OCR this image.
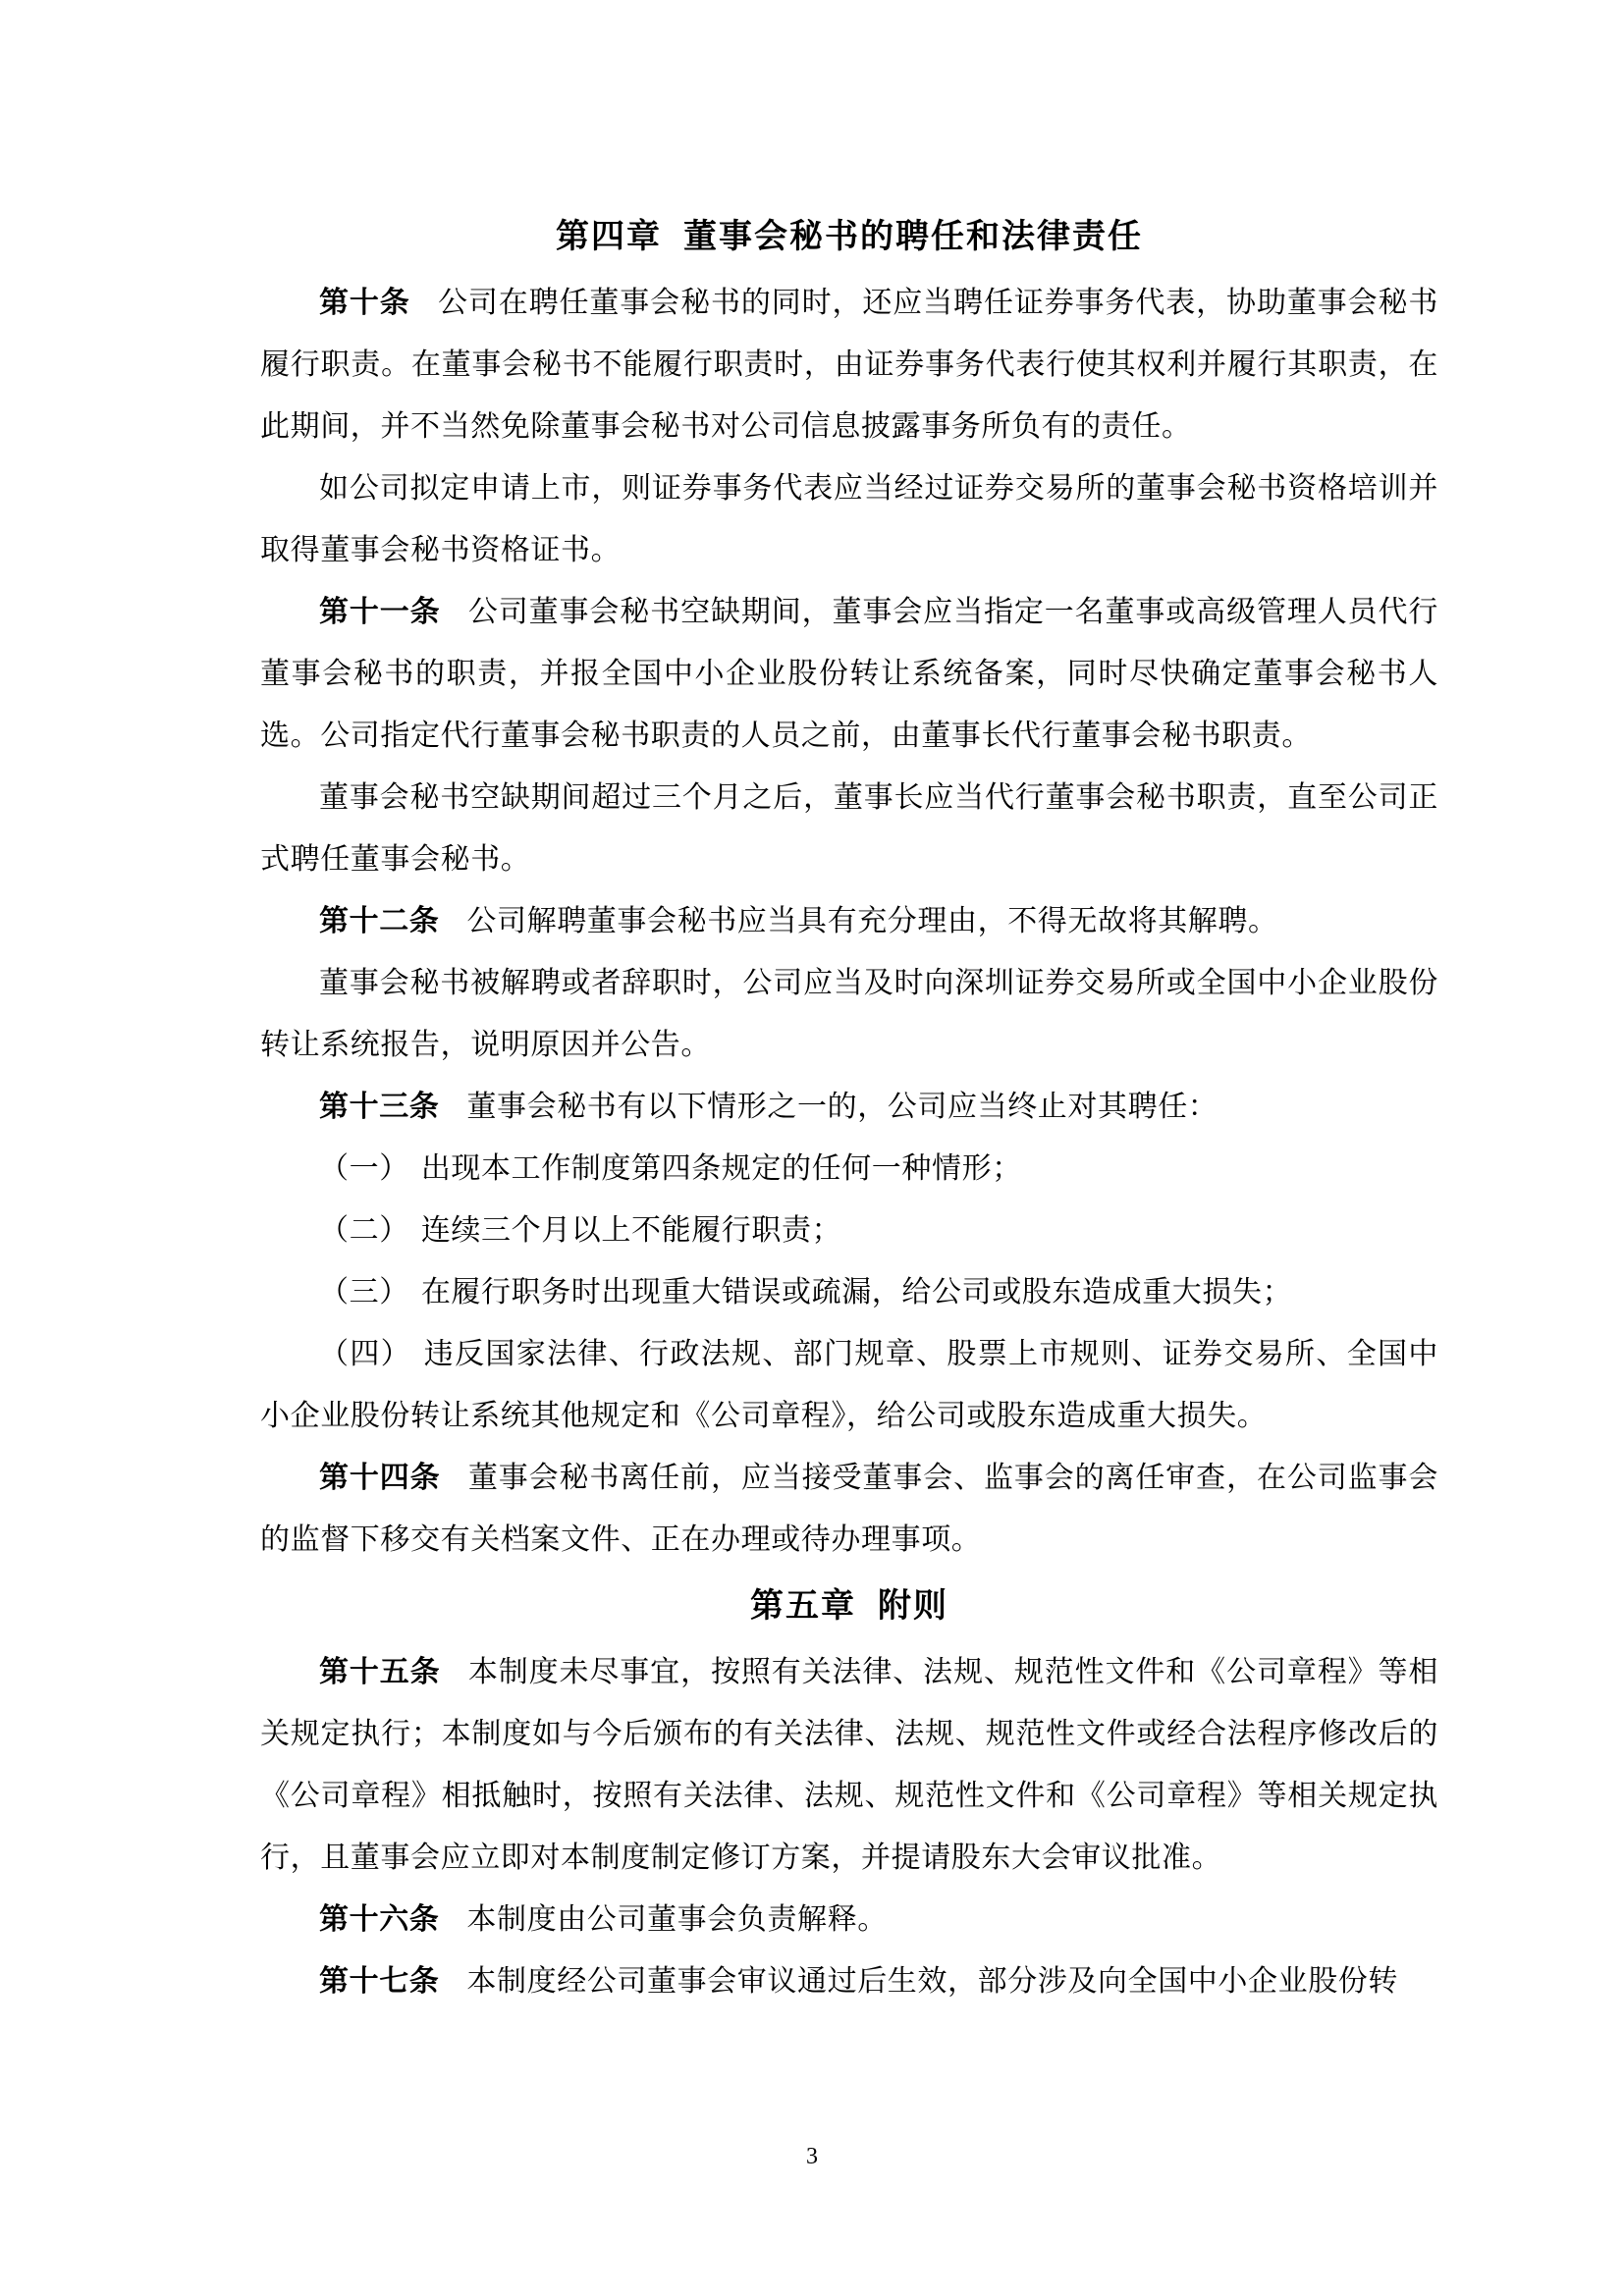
第四章 董事会秘书的聘任和法律责任

第十条 公司在聘任董事会秘书的同时，还应当聘任证券事务代表，协助董事会秘书履行职责。在董事会秘书不能履行职责时，由证券事务代表行使其权利并履行其职责，在此期间，并不当然免除董事会秘书对公司信息披露事务所负有的责任。

如公司拟定申请上市，则证券事务代表应当经过证券交易所的董事会秘书资格培训并取得董事会秘书资格证书。

第十一条 公司董事会秘书空缺期间，董事会应当指定一名董事或高级管理人员代行董事会秘书的职责，并报全国中小企业股份转让系统备案，同时尽快确定董事会秘书人选。公司指定代行董事会秘书职责的人员之前，由董事长代行董事会秘书职责。

董事会秘书空缺期间超过三个月之后，董事长应当代行董事会秘书职责，直至公司正式聘任董事会秘书。

第十二条 公司解聘董事会秘书应当具有充分理由，不得无故将其解聘。

董事会秘书被解聘或者辞职时，公司应当及时向深圳证券交易所或全国中小企业股份转让系统报告，说明原因并公告。

第十三条 董事会秘书有以下情形之一的，公司应当终止对其聘任：

（一） 出现本工作制度第四条规定的任何一种情形；

（二） 连续三个月以上不能履行职责；

（三） 在履行职务时出现重大错误或疏漏，给公司或股东造成重大损失；

（四） 违反国家法律、行政法规、部门规章、股票上市规则、证券交易所、全国中小企业股份转让系统其他规定和《公司章程》，给公司或股东造成重大损失。

第十四条 董事会秘书离任前，应当接受董事会、监事会的离任审查，在公司监事会的监督下移交有关档案文件、正在办理或待办理事项。

第五章 附则

第十五条 本制度未尽事宜，按照有关法律、法规、规范性文件和《公司章程》等相关规定执行；本制度如与今后颁布的有关法律、法规、规范性文件或经合法程序修改后的《公司章程》相抵触时，按照有关法律、法规、规范性文件和《公司章程》等相关规定执行，且董事会应立即对本制度制定修订方案，并提请股东大会审议批准。

第十六条 本制度由公司董事会负责解释。

第十七条 本制度经公司董事会审议通过后生效，部分涉及向全国中小企业股份转

3
